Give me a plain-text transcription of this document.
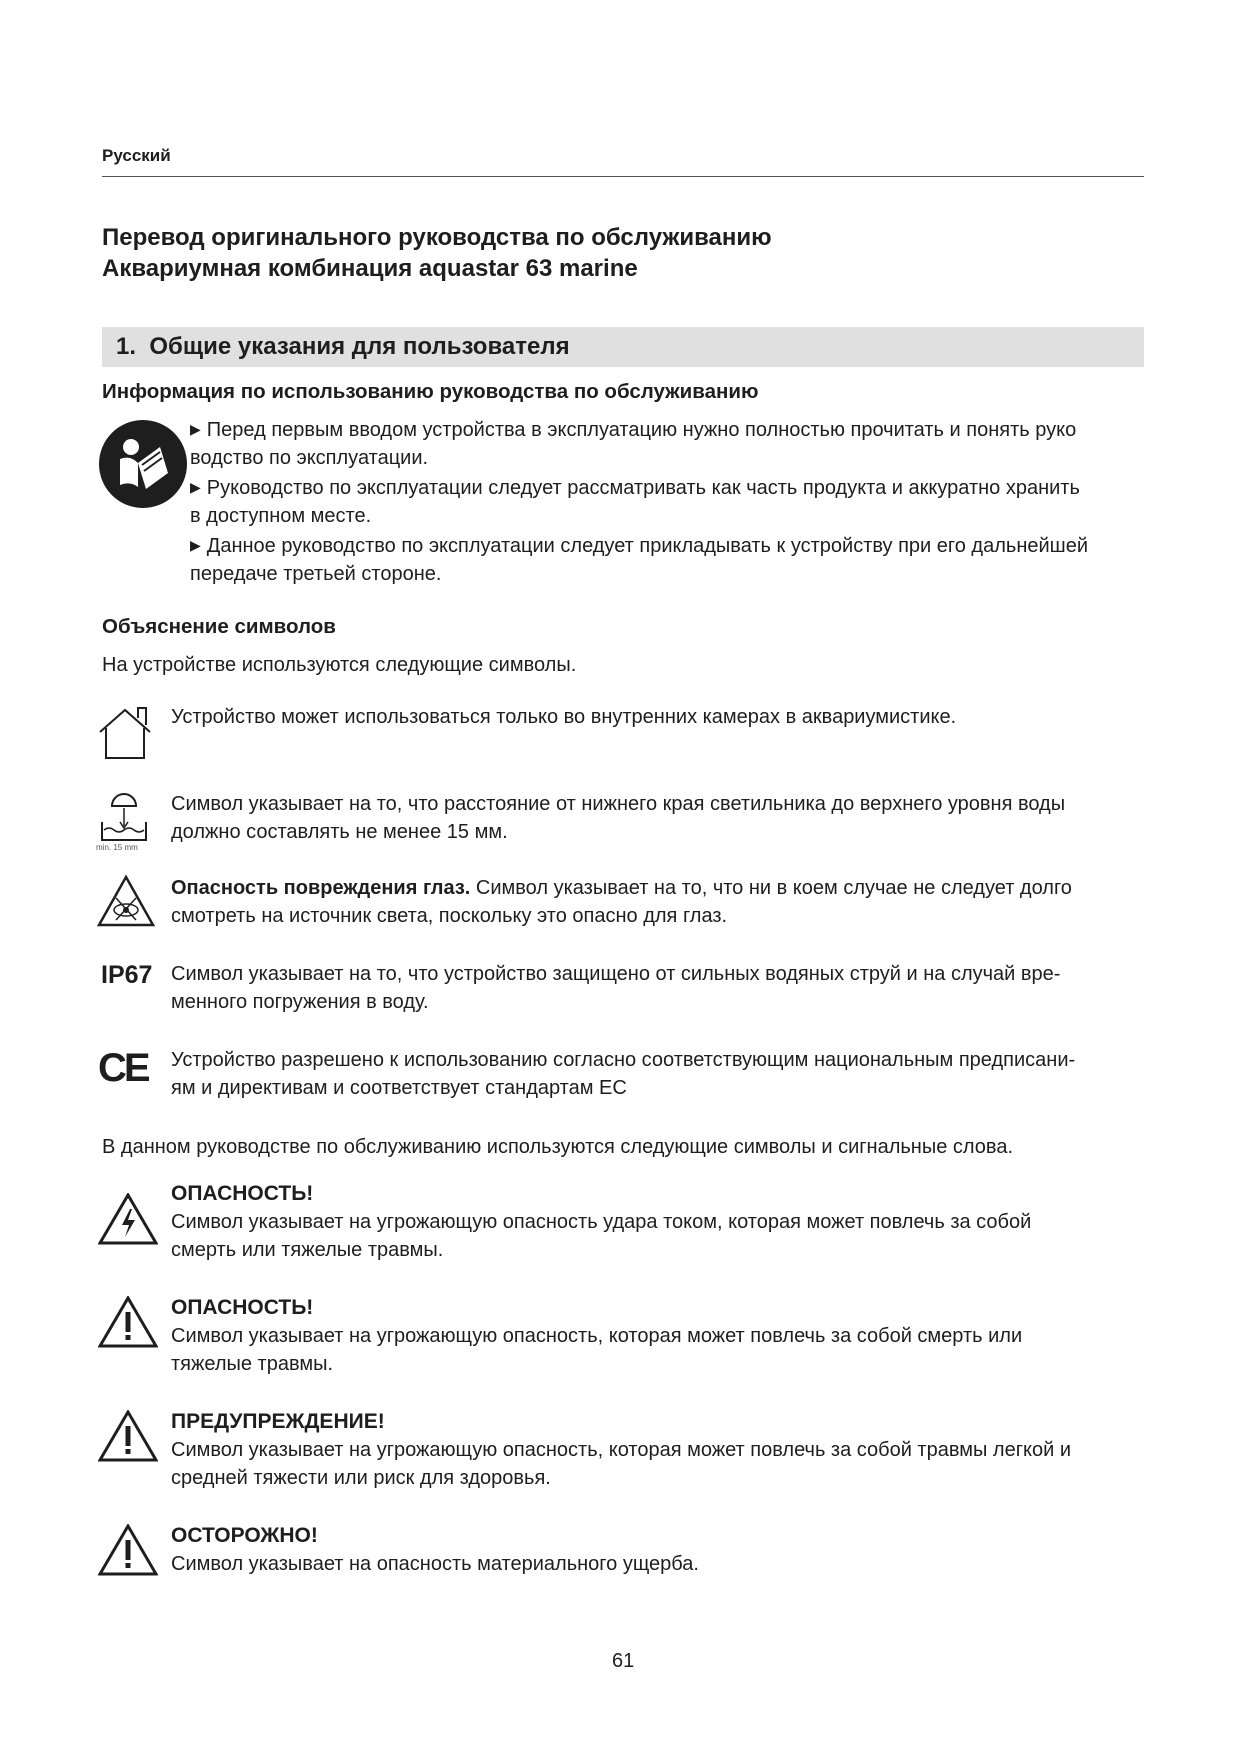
Русский
Перевод оригинального руководства по обслуживанию
Аквариумная комбинация aquastar 63 marine
1. Общие указания для пользователя
Информация по использованию руководства по обслуживанию
▶ Перед первым вводом устройства в эксплуатацию нужно полностью прочитать и понять руко
водство по эксплуатации.
▶ Руководство по эксплуатации следует рассматривать как часть продукта и аккуратно хранить
в доступном месте.
▶ Данное руководство по эксплуатации следует прикладывать к устройству при его дальнейшей
передаче третьей стороне.
Объяснение символов
На устройстве используются следующие символы.
Устройство может использоваться только во внутренних камерах в аквариумистике.
min. 15 mm
Символ указывает на то, что расстояние от нижнего края светильника до верхнего уровня воды
должно составлять не менее 15 мм.
Опасность повреждения глаз. Символ указывает на то, что ни в коем случае не следует долго
смотреть на источник света, поскольку это опасно для глаз.
IP67 Символ указывает на то, что устройство защищено от сильных водяных струй и на случай вре-
менного погружения в воду.
CE Устройство разрешено к использованию согласно соответствующим национальным предписани-
ям и директивам и соответствует стандартам ЕС
В данном руководстве по обслуживанию используются следующие символы и сигнальные слова.
ОПАСНОСТЬ!
Символ указывает на угрожающую опасность удара током, которая может повлечь за собой
смерть или тяжелые травмы.
ОПАСНОСТЬ!
Символ указывает на угрожающую опасность, которая может повлечь за собой смерть или
тяжелые травмы.
ПРЕДУПРЕЖДЕНИЕ!
Символ указывает на угрожающую опасность, которая может повлечь за собой травмы легкой и
средней тяжести или риск для здоровья.
ОСТОРОЖНО!
Символ указывает на опасность материального ущерба.
61
